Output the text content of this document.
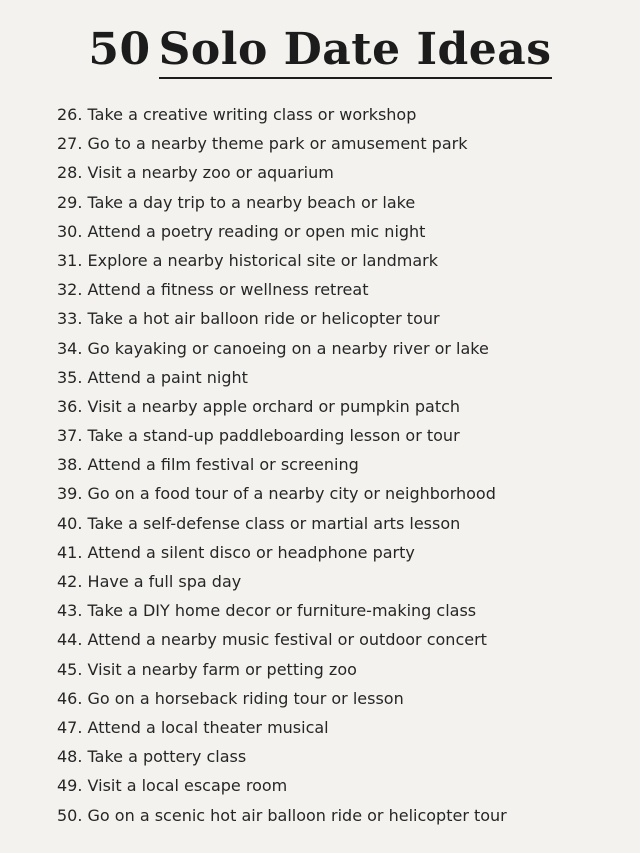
50 Solo Date Ideas
26. Take a creative writing class or workshop
27. Go to a nearby theme park or amusement park
28. Visit a nearby zoo or aquarium
29. Take a day trip to a nearby beach or lake
30. Attend a poetry reading or open mic night
31. Explore a nearby historical site or landmark
32. Attend a fitness or wellness retreat
33. Take a hot air balloon ride or helicopter tour
34. Go kayaking or canoeing on a nearby river or lake
35. Attend a paint night
36. Visit a nearby apple orchard or pumpkin patch
37. Take a stand-up paddleboarding lesson or tour
38. Attend a film festival or screening
39. Go on a food tour of a nearby city or neighborhood
40. Take a self-defense class or martial arts lesson
41. Attend a silent disco or headphone party
42. Have a full spa day
43. Take a DIY home decor or furniture-making class
44. Attend a nearby music festival or outdoor concert
45. Visit a nearby farm or petting zoo
46. Go on a horseback riding tour or lesson
47. Attend a local theater musical
48. Take a pottery class
49. Visit a local escape room
50. Go on a scenic hot air balloon ride or helicopter tour
